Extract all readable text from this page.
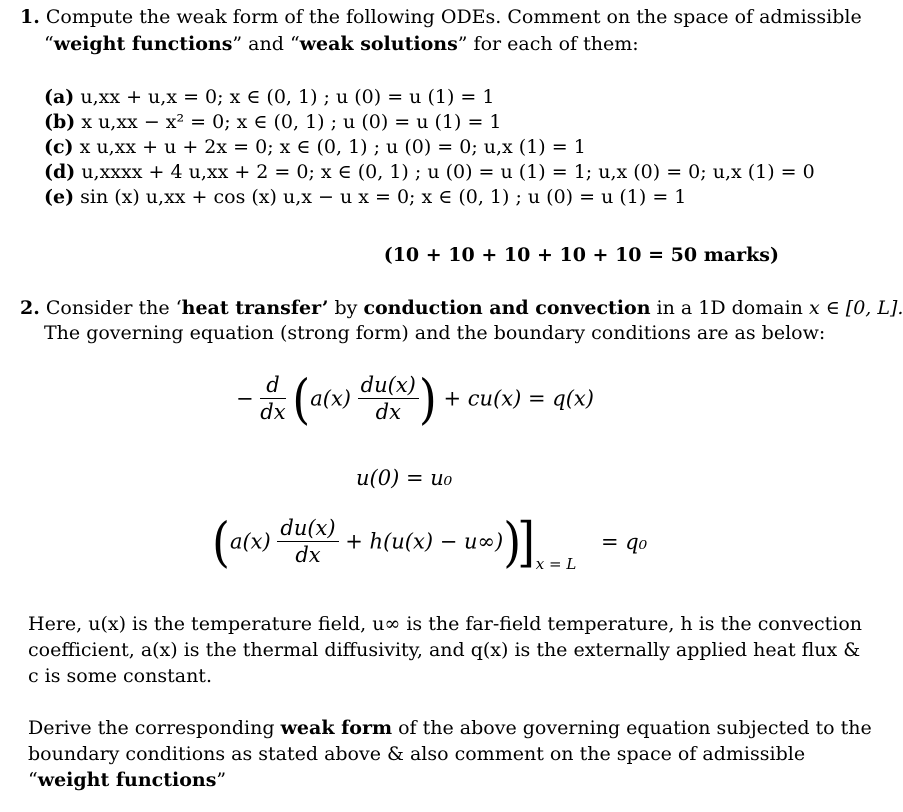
1. Compute the weak form of the following ODEs. Comment on the space of admissible
“weight functions” and “weak solutions” for each of them:
(a) u,xx + u,x = 0; x ∈ (0, 1) ; u (0) = u (1) = 1
(b) x u,xx − x² = 0; x ∈ (0, 1) ; u (0) = u (1) = 1
(c) x u,xx + u + 2x = 0; x ∈ (0, 1) ; u (0) = 0; u,x (1) = 1
(d) u,xxxx + 4 u,xx + 2 = 0; x ∈ (0, 1) ; u (0) = u (1) = 1; u,x (0) = 0; u,x (1) = 0
(e) sin (x) u,xx + cos (x) u,x − u x = 0; x ∈ (0, 1) ; u (0) = u (1) = 1
(10 + 10 + 10 + 10 + 10 = 50 marks)
2. Consider the ‘heat transfer’ by conduction and convection in a 1D domain x ∈ [0, L].
The governing equation (strong form) and the boundary conditions are as below:
− $\frac{d}{dx} (a(x) \frac{du(x)}{dx}$ ) + cu(x) = q(x)
u(0) = u₀
$(a(x) \frac{du(x)}{dx} + h(u(x) - u\infty))$] $_{x = L}$ = q₀
Here, u(x) is the temperature field, u∞ is the far-field temperature, h is the convection
coefficient, a(x) is the thermal diffusivity, and q(x) is the externally applied heat flux &
c is some constant.
Derive the corresponding weak form of the above governing equation subjected to the
boundary conditions as stated above & also comment on the space of admissible
“weight functions”
